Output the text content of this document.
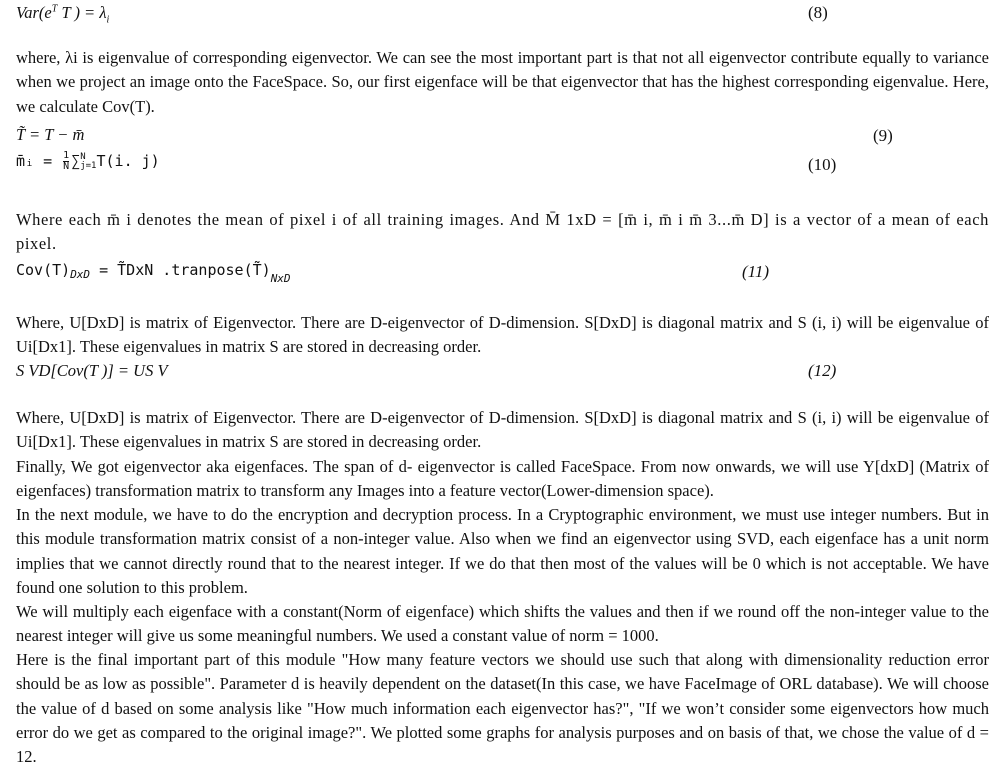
$Var(e^T$ T ) = $\lambda_i$	(8)

where, λi is eigenvalue of corresponding eigenvector. We can see the most important part is that not all eigenvector contribute equally to variance when we project an image onto the FaceSpace. So, our first eigenface will be that eigenvector that has the highest corresponding eigenvalue. Here, we calculate Cov(T).

T̃ = T − m̄	(9)
m̄ᵢ = $\frac{1}{N}$ ∑ N
j=1 T(i. j)	(10)

Where each m̄ i denotes the mean of pixel i of all training images. And M̄ 1xD = [m̄ i, m̄ i m̄ 3...m̄ D] is a vector of a mean of each pixel.

$Cov(T)_{DxD}$ = T̃DxN $.tranpose(T̃)_{NxD}$	(11)

Where, U[DxD] is matrix of Eigenvector. There are D-eigenvector of D-dimension. S[DxD] is diagonal matrix and S (i, i) will be eigenvalue of Ui[Dx1]. These eigenvalues in matrix S are stored in decreasing order.

S VD[Cov(T )] = US V	(12)

Where, U[DxD] is matrix of Eigenvector. There are D-eigenvector of D-dimension. S[DxD] is diagonal matrix and S (i, i) will be eigenvalue of Ui[Dx1]. These eigenvalues in matrix S are stored in decreasing order.

Finally, We got eigenvector aka eigenfaces. The span of d- eigenvector is called FaceSpace. From now onwards, we will use Y[dxD] (Matrix of eigenfaces) transformation matrix to transform any Images into a feature vector(Lower-dimension space).

In the next module, we have to do the encryption and decryption process. In a Cryptographic environment, we must use integer numbers. But in this module transformation matrix consist of a non-integer value. Also when we find an eigenvector using SVD, each eigenface has a unit norm implies that we cannot directly round that to the nearest integer. If we do that then most of the values will be 0 which is not acceptable. We have found one solution to this problem.

We will multiply each eigenface with a constant(Norm of eigenface) which shifts the values and then if we round off the non-integer value to the nearest integer will give us some meaningful numbers. We used a constant value of norm = 1000.

Here is the final important part of this module "How many feature vectors we should use such that along with dimensionality reduction error should be as low as possible". Parameter d is heavily dependent on the dataset(In this case, we have FaceImage of ORL database). We will choose the value of d based on some analysis like "How much information each eigenvector has?", "If we won’t consider some eigenvectors how much error do we get as compared to the original image?". We plotted some graphs for analysis purposes and on basis of that, we chose the value of d = 12.
